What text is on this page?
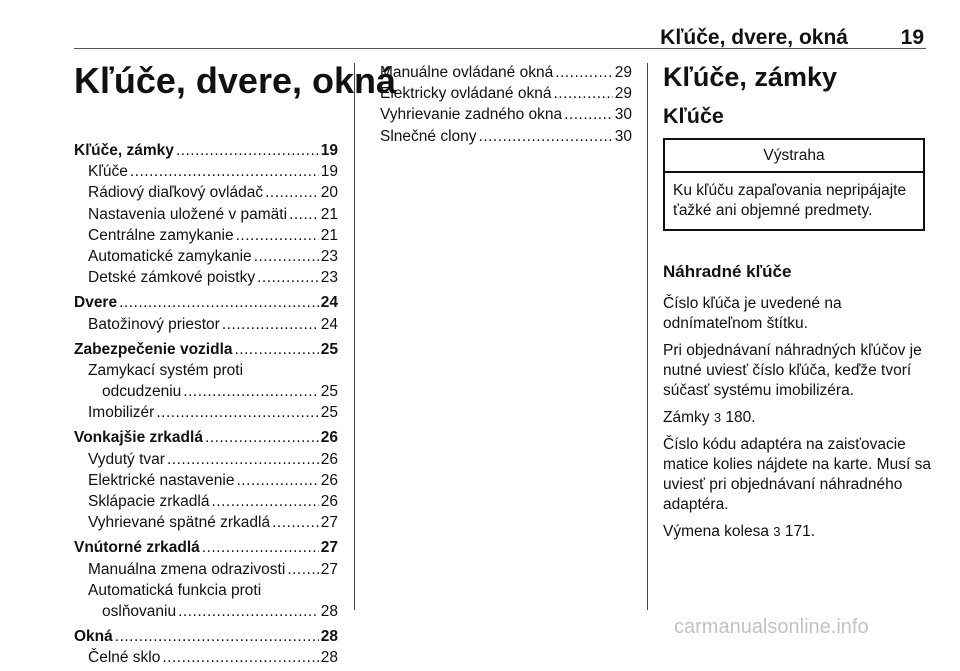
Kľúče, dvere, okná	19
Kľúče, dvere, okná
Kľúče, zámky .....	19
Kľúče .....	19
Rádiový diaľkový ovládač .....	20
Nastavenia uložené v pamäti ..... 21
Centrálne zamykanie .....	21
Automatické zamykanie .....	23
Detské zámkové poistky .....	23
Dvere .....	24
Batožinový priestor .....	24
Zabezpečenie vozidla .....	25
Zamykací systém proti
odcudzeniu .....	25
Imobilizér .....	25
Vonkajšie zrkadlá .....	26
Vydutý tvar .....	26
Elektrické nastavenie .....	26
Sklápacie zrkadlá .....	26
Vyhrievané spätné zrkadlá .....	27
Vnútorné zrkadlá .....	27
Manuálna zmena odrazivosti ..... 27
Automatická funkcia proti
oslňovaniu .....	28
Okná .....	28
Čelné sklo .....	28
Manuálne ovládané okná .....	29
Elektricky ovládané okná .....	29
Vyhrievanie zadného okna .....	30
Slnečné clony .....	30
Kľúče, zámky
Kľúče
Výstraha
Ku kľúču zapaľovania nepripájajte ťažké ani objemné predmety.
Náhradné kľúče

Číslo kľúča je uvedené na odnímateľnom štítku.

Pri objednávaní náhradných kľúčov je nutné uviesť číslo kľúča, keďže tvorí súčasť systému imobilizéra.

Zámky 3 180.

Číslo kódu adaptéra na zaisťovacie matice kolies nájdete na karte. Musí sa uviesť pri objednávaní náhradného adaptéra.

Výmena kolesa 3 171.

carmanualsonline.info
